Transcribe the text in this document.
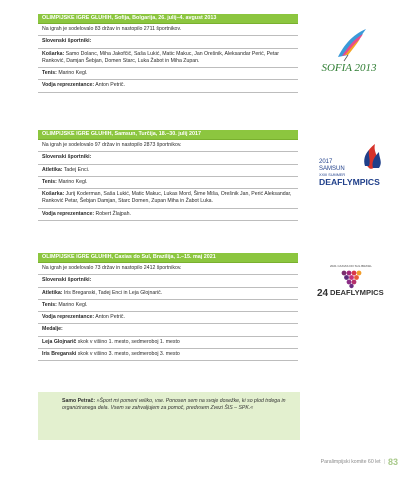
OLIMPIJSKE IGRE GLUHIH, Sofija, Bolgarija, 26. julij–4. avgust 2013
Na igrah je sodelovalo 83 držav in nastopilo 2711 športnikov.
Slovenski športniki:
Košarka: Samo Dolanc, Miha Jakofčič, Saša Lukić, Matic Makuc, Jan Orešnik, Aleksandar Perić, Petar Ranković, Damjan Šebjan, Domen Starc, Luka Žabot in Miha Zupan.
Tenis: Marino Kegl.
Vodja reprezentance: Anton Petrič.
OLIMPIJSKE IGRE GLUHIH, Samsun, Turčija, 18.–30. julij 2017
Na igrah je sodelovalo 97 držav in nastopilo 2873 športnikov.
Slovenski športniki:
Atletika: Tadej Enci.
Tenis: Marino Kegl.
Košarka: Jurij Koderman, Saša Lukić, Matic Makuc, Lukas Mord, Šime Miša, Orešnik Jan, Perić Aleksandar, Ranković Petar, Šebjan Damjan, Starc Domen, Zupan Miha in Žabot Luka.
Vodja reprezentance: Robert Žlajpah.
OLIMPIJSKE IGRE GLUHIH, Caxias do Sul, Brazilija, 1.–15. maj 2021
Na igrah je sodelovalo 73 držav in nastopilo 2412 športnikov.
Slovenski športniki:
Atletika: Iris Breganski, Tadej Enci in Leja Glojnarič.
Tenis: Marino Kegl.
Vodja reprezentance: Anton Petrič.
Medalje:
Leja Glojnarič skok v višino 1. mesto, sedmeroboj 1. mesto
Iris Breganski skok v višino 3. mesto, sedmeroboj 3. mesto
SOFIA 2013
2017
SAMSUN
XXIII SUMMER
DEAFLYMPICS
2021 CAXIAS DO SUL BRASIL
24 DEAFLYMPICS
Samo Petrač: »Šport mi pomeni veliko, vse. Ponosen sem na svoje dosežke, ki so plod trdega in organiziranega dela. Vsem se zahvaljujem za pomoč, predvsem Zvezi ŠIS – SPK.«
Paralimpijski komite 60 let | 83
